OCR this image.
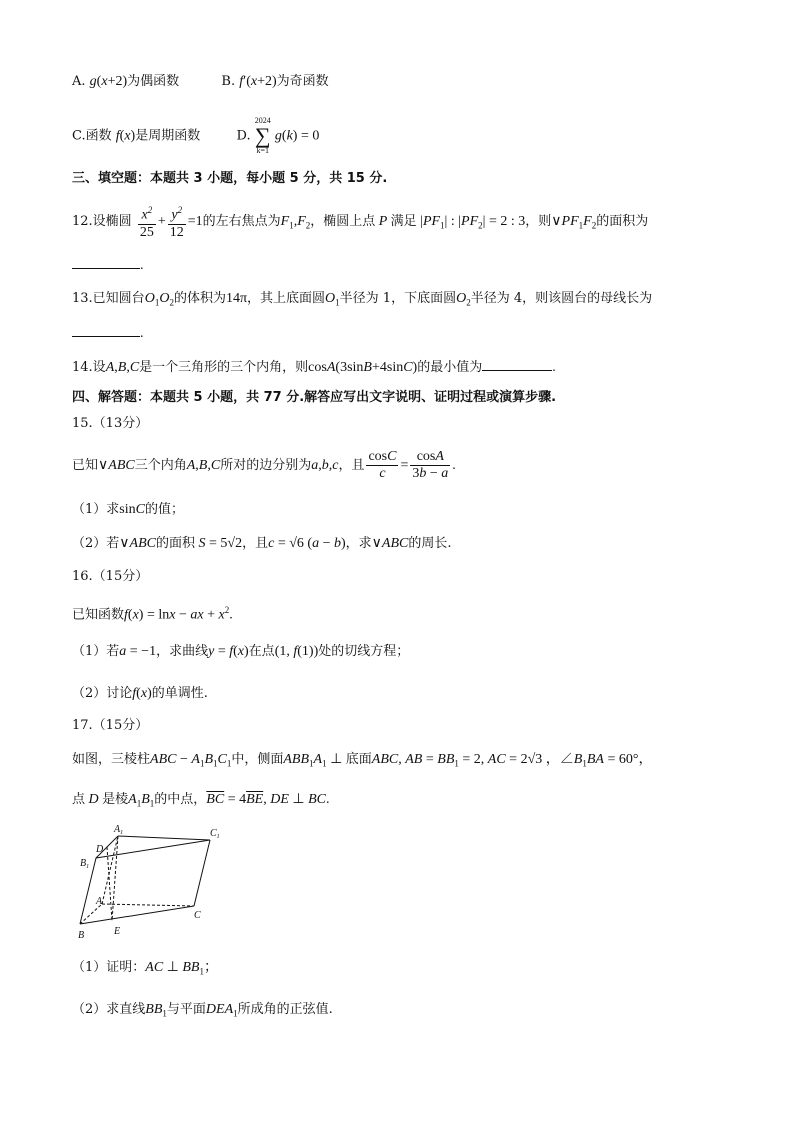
A. g(x+2)为偶函数	B. f′(x+2)为奇函数
C.函数 f(x)是周期函数	D.
2024
∑
k=1
g(k) = 0
三、填空题：本题共 3 小题，每小题 5 分，共 15 分.
12.设椭圆 $\frac{x^2}{25} + \frac{y^2}{12} =1$的左右焦点为$F_1,F_2$，椭圆上点 P 满足 $|PF_1|$ : $|PF_2| = 2$ : 3，则$\vee PF_1F_2$的面积为
.
13.已知圆台$O_1O_2$的体积为14π，其上底面圆$O_1$半径为 1，下底面圆$O_2$半径为 4，则该圆台的母线长为
.
14.设A,B,C是一个三角形的三个内角，则cosA(3sinB+4sinC)的最小值为	.
四、解答题：本题共 5 小题，共 77 分.解答应写出文字说明、证明过程或演算步骤.
15.（13分）
已知∨ABC三个内角A,B,C所对的边分别为a,b,c，且 $\frac{\cos C}{c} = \frac{\cos A}{3b - a}$ .
（1）求sinC的值；
（2）若∨ABC的面积 S = 5√2，且c = √6 (a − b)，求∨ABC的周长.
16.（15分）
已知函数f(x) = lnx − ax + $x^2$.
（1）若a = −1，求曲线y = f(x)在点(1, f(1))处的切线方程；
（2）讨论f(x)的单调性.
17.（15分）
如图，三棱柱ABC − $A_1B_1C_1$中，侧面$ABB_1A_1$ ⊥ 底面ABC, AB = $BB_1 = 2$, AC = 2√3 ，$\angle B_1BA = 60^\circ$，
点 D 是棱$A_1B_1$的中点，$\overline{BC} = 4\overline{BE}$, DE ⊥ BC.
$A_1$	$C_1$
D
$B_1$
A
C
B	E
（1）证明：AC ⊥ $BB_1$；
（2）求直线$BB_1$与平面$DEA_1$所成角的正弦值.
